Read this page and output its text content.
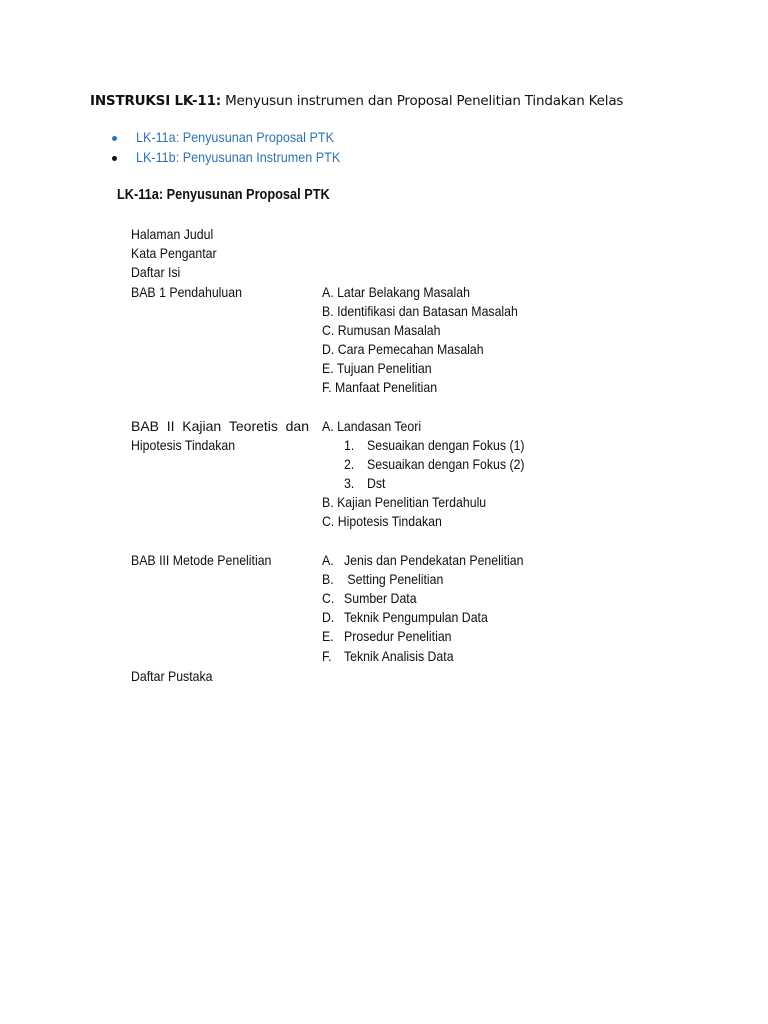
INSTRUKSI LK-11: Menyusun instrumen dan Proposal Penelitian Tindakan Kelas
LK-11a: Penyusunan Proposal PTK
LK-11b: Penyusunan Instrumen PTK
LK-11a: Penyusunan Proposal PTK
Halaman Judul
Kata Pengantar
Daftar Isi
BAB 1 Pendahuluan	A. Latar Belakang Masalah
B. Identifikasi dan Batasan Masalah
C. Rumusan Masalah
D. Cara Pemecahan Masalah
E. Tujuan Penelitian
F. Manfaat Penelitian
BAB II Kajian Teoretis dan
Hipotesis Tindakan
A. Landasan Teori
1. Sesuaikan dengan Fokus (1)
2. Sesuaikan dengan Fokus (2)
3. Dst
B. Kajian Penelitian Terdahulu
C. Hipotesis Tindakan
BAB III Metode Penelitian	A. Jenis dan Pendekatan Penelitian
B. Setting Penelitian
C. Sumber Data
D. Teknik Pengumpulan Data
E. Prosedur Penelitian
F. Teknik Analisis Data
Daftar Pustaka
